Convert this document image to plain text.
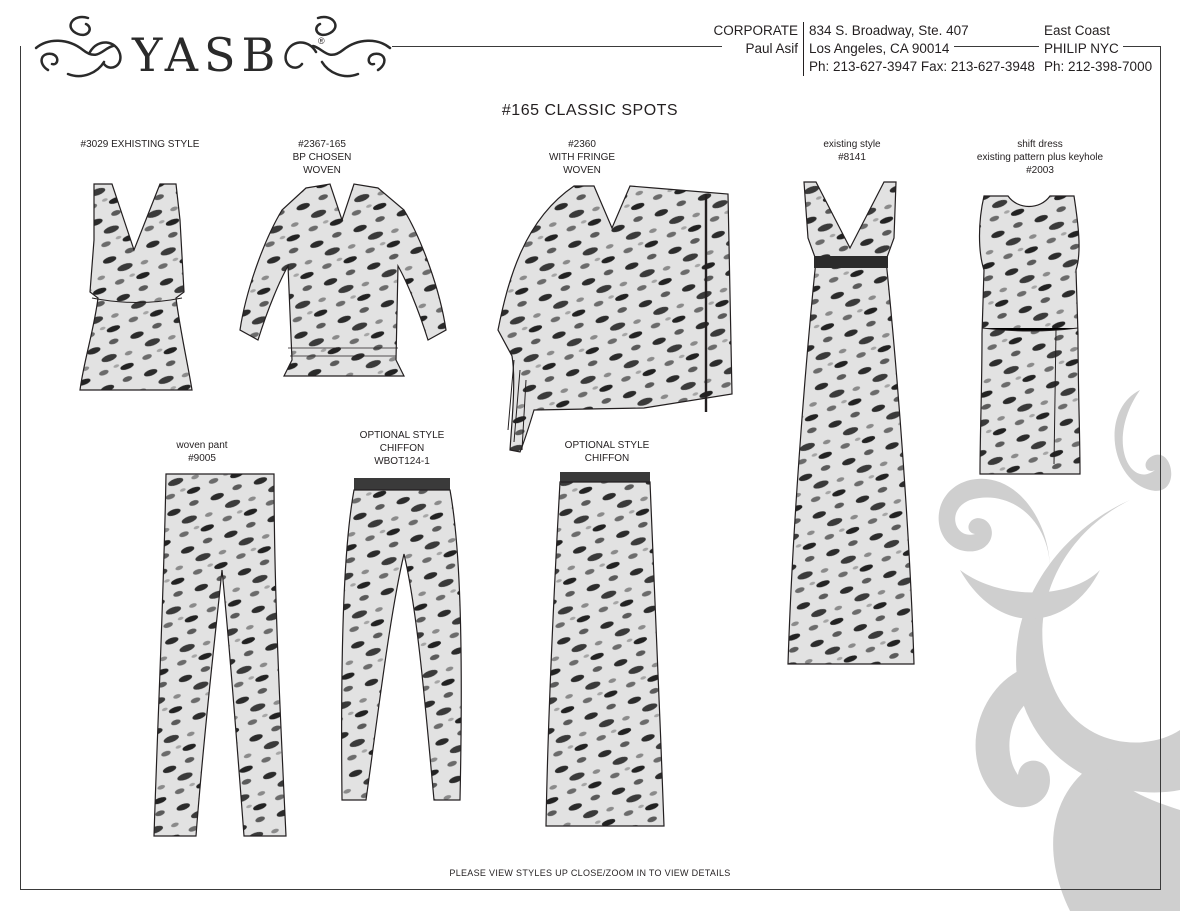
YASB	®
CORPORATE
Paul Asif
834 S. Broadway, Ste. 407
Los Angeles, CA 90014
Ph: 213-627-3947 Fax: 213-627-3948
East Coast
PHILIP NYC
Ph: 212-398-7000
#165 CLASSIC SPOTS
#3029 EXHISTING STYLE	#2367-165
BP CHOSEN
WOVEN
#2360
WITH FRINGE
WOVEN
existing style
#8141
shift dress
existing pattern plus keyhole
#2003
woven pant
#9005
OPTIONAL STYLE
CHIFFON
WBOT124-1
OPTIONAL STYLE
CHIFFON
PLEASE VIEW STYLES UP CLOSE/ZOOM IN TO VIEW DETAILS
